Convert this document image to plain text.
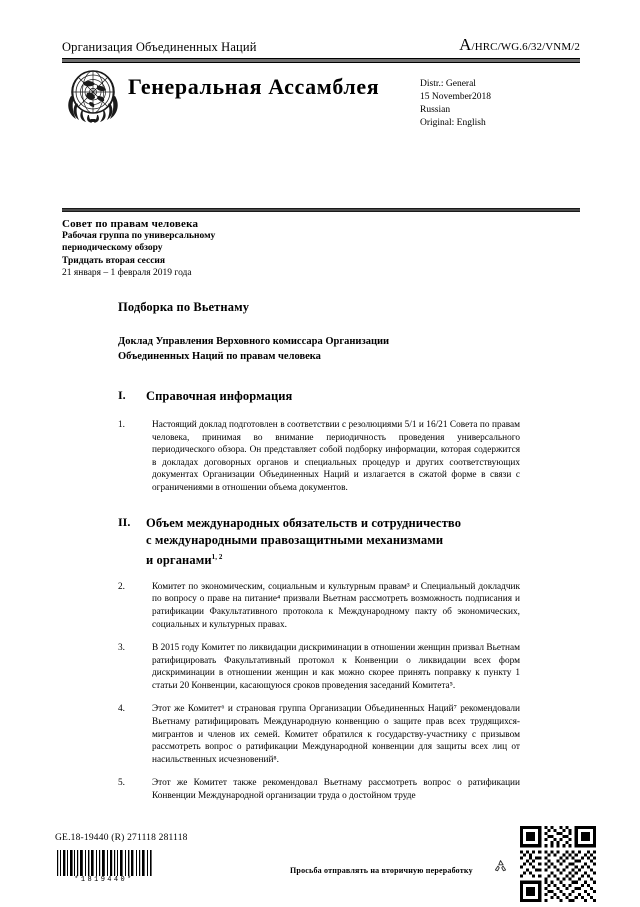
Организация Объединенных Наций	A/HRC/WG.6/32/VNM/2
Генеральная Ассамблея	Distr.: General
15 November2018
Russian
Original: English
Совет по правам человека
Рабочая группа по универсальному
периодическому обзору
Тридцать вторая сессия
21 января – 1 февраля 2019 года
Подборка по Вьетнаму
Доклад Управления Верховного комиссара Организации
Объединенных Наций по правам человека
I.	Справочная информация
1.	Настоящий доклад подготовлен в соответствии с резолюциями 5/1 и 16/21 Совета по правам человека, принимая во внимание периодичность проведения универсального периодического обзора. Он представляет собой подборку информации, которая содержится в докладах договорных органов и специальных процедур и других соответствующих документах Организации Объединенных Наций и излагается в сжатой форме в связи с ограничениями в отношении объема документов.
II.	Объем международных обязательств и сотрудничество
с международными правозащитными механизмами
и органами$^{1, 2}$
2.	Комитет по экономическим, социальным и культурным правам³ и Специальный докладчик по вопросу о праве на питание⁴ призвали Вьетнам рассмотреть возможность подписания и ратификации Факультативного протокола к Международному пакту об экономических, социальных и культурных правах.
3.	В 2015 году Комитет по ликвидации дискриминации в отношении женщин призвал Вьетнам ратифицировать Факультативный протокол к Конвенции о ликвидации всех форм дискриминации в отношении женщин и как можно скорее принять поправку к пункту 1 статьи 20 Конвенции, касающуюся сроков проведения заседаний Комитета⁵.
4.	Этот же Комитет⁶ и страновая группа Организации Объединенных Наций⁷ рекомендовали Вьетнаму ратифицировать Международную конвенцию о защите прав всех трудящихся-мигрантов и членов их семей. Комитет обратился к государству-участнику с призывом рассмотреть вопрос о ратификации Международной конвенции для защиты всех лиц от насильственных исчезновений⁸.
5.	Этот же Комитет также рекомендовал Вьетнаму рассмотреть вопрос о ратификации Конвенции Международной организации труда о достойном труде
GE.18-19440 (R) 271118 281118
*1819440*
Просьба отправлять на вторичную переработку
